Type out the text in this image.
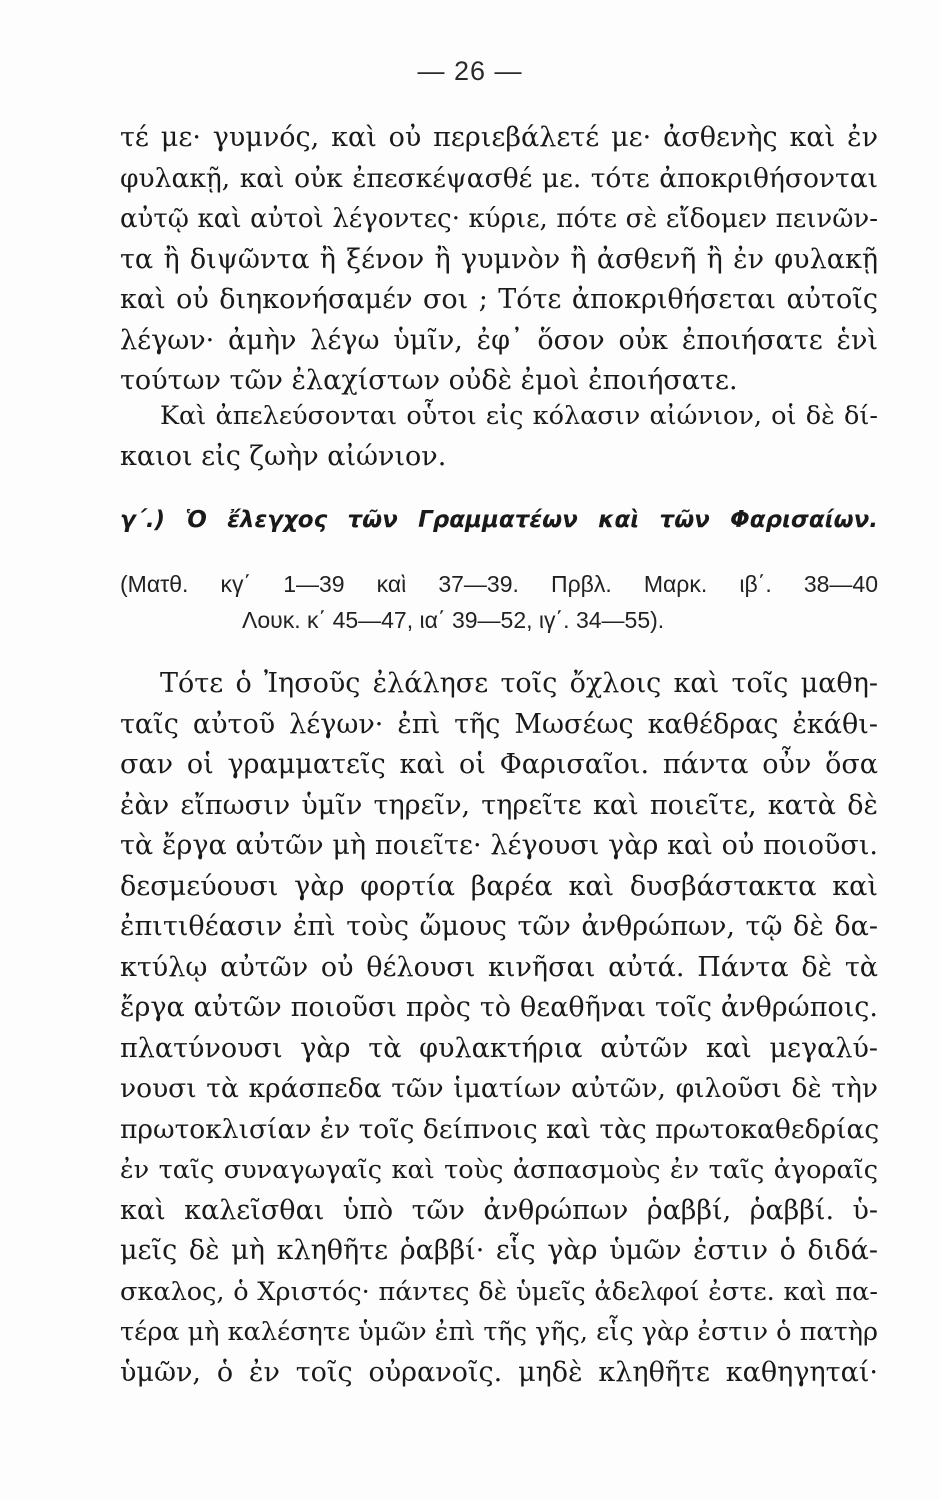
— 26 —
τέ με· γυμνός, καὶ οὐ περιεβάλετέ με· ἀσθενὴς καὶ ἐν
φυλακῇ, καὶ οὐκ ἐπεσκέψασθέ με. τότε ἀποκριθήσονται
αὐτῷ καὶ αὐτοὶ λέγοντες· κύριε, πότε σὲ εἴδομεν πεινῶν-
τα ἢ διψῶντα ἢ ξένον ἢ γυμνὸν ἢ ἀσθενῆ ἢ ἐν φυλακῇ
καὶ οὐ διηκονήσαμέν σοι ; Τότε ἀποκριθήσεται αὐτοῖς
λέγων· ἀμὴν λέγω ὑμῖν, ἐφ᾽ ὅσον οὐκ ἐποιήσατε ἑνὶ
τούτων τῶν ἐλαχίστων οὐδὲ ἐμοὶ ἐποιήσατε.
Καὶ ἀπελεύσονται οὗτοι εἰς κόλασιν αἰώνιον, οἱ δὲ δί-
καιοι εἰς ζωὴν αἰώνιον.
γ΄.) Ὁ ἔλεγχος τῶν Γραμματέων καὶ τῶν Φαρισαίων.
(Ματθ. κγ΄ 1—39 καὶ 37—39. Πρβλ. Μαρκ. ιβ΄. 38—40
Λουκ. κ΄ 45—47, ια΄ 39—52, ιγ΄. 34—55).
Τότε ὁ Ἰησοῦς ἐλάλησε τοῖς ὄχλοις καὶ τοῖς μαθη-
ταῖς αὐτοῦ λέγων· ἐπὶ τῆς Μωσέως καθέδρας ἐκάθι-
σαν οἱ γραμματεῖς καὶ οἱ Φαρισαῖοι. πάντα οὖν ὅσα
ἐὰν εἴπωσιν ὑμῖν τηρεῖν, τηρεῖτε καὶ ποιεῖτε, κατὰ δὲ
τὰ ἔργα αὐτῶν μὴ ποιεῖτε· λέγουσι γὰρ καὶ οὐ ποιοῦσι.
δεσμεύουσι γὰρ φορτία βαρέα καὶ δυσβάστακτα καὶ
ἐπιτιθέασιν ἐπὶ τοὺς ὤμους τῶν ἀνθρώπων, τῷ δὲ δα-
κτύλῳ αὐτῶν οὐ θέλουσι κινῆσαι αὐτά. Πάντα δὲ τὰ
ἔργα αὐτῶν ποιοῦσι πρὸς τὸ θεαθῆναι τοῖς ἀνθρώποις.
πλατύνουσι γὰρ τὰ φυλακτήρια αὐτῶν καὶ μεγαλύ-
νουσι τὰ κράσπεδα τῶν ἱματίων αὐτῶν, φιλοῦσι δὲ τὴν
πρωτοκλισίαν ἐν τοῖς δείπνοις καὶ τὰς πρωτοκαθεδρίας
ἐν ταῖς συναγωγαῖς καὶ τοὺς ἀσπασμοὺς ἐν ταῖς ἀγοραῖς
καὶ καλεῖσθαι ὑπὸ τῶν ἀνθρώπων ῥαββί, ῥαββί. ὑ-
μεῖς δὲ μὴ κληθῆτε ῥαββί· εἷς γὰρ ὑμῶν ἐστιν ὁ διδά-
σκαλος, ὁ Χριστός· πάντες δὲ ὑμεῖς ἀδελφοί ἐστε. καὶ πα-
τέρα μὴ καλέσητε ὑμῶν ἐπὶ τῆς γῆς, εἷς γὰρ ἐστιν ὁ πατὴρ
ὑμῶν, ὁ ἐν τοῖς οὐρανοῖς. μηδὲ κληθῆτε καθηγηταί·
